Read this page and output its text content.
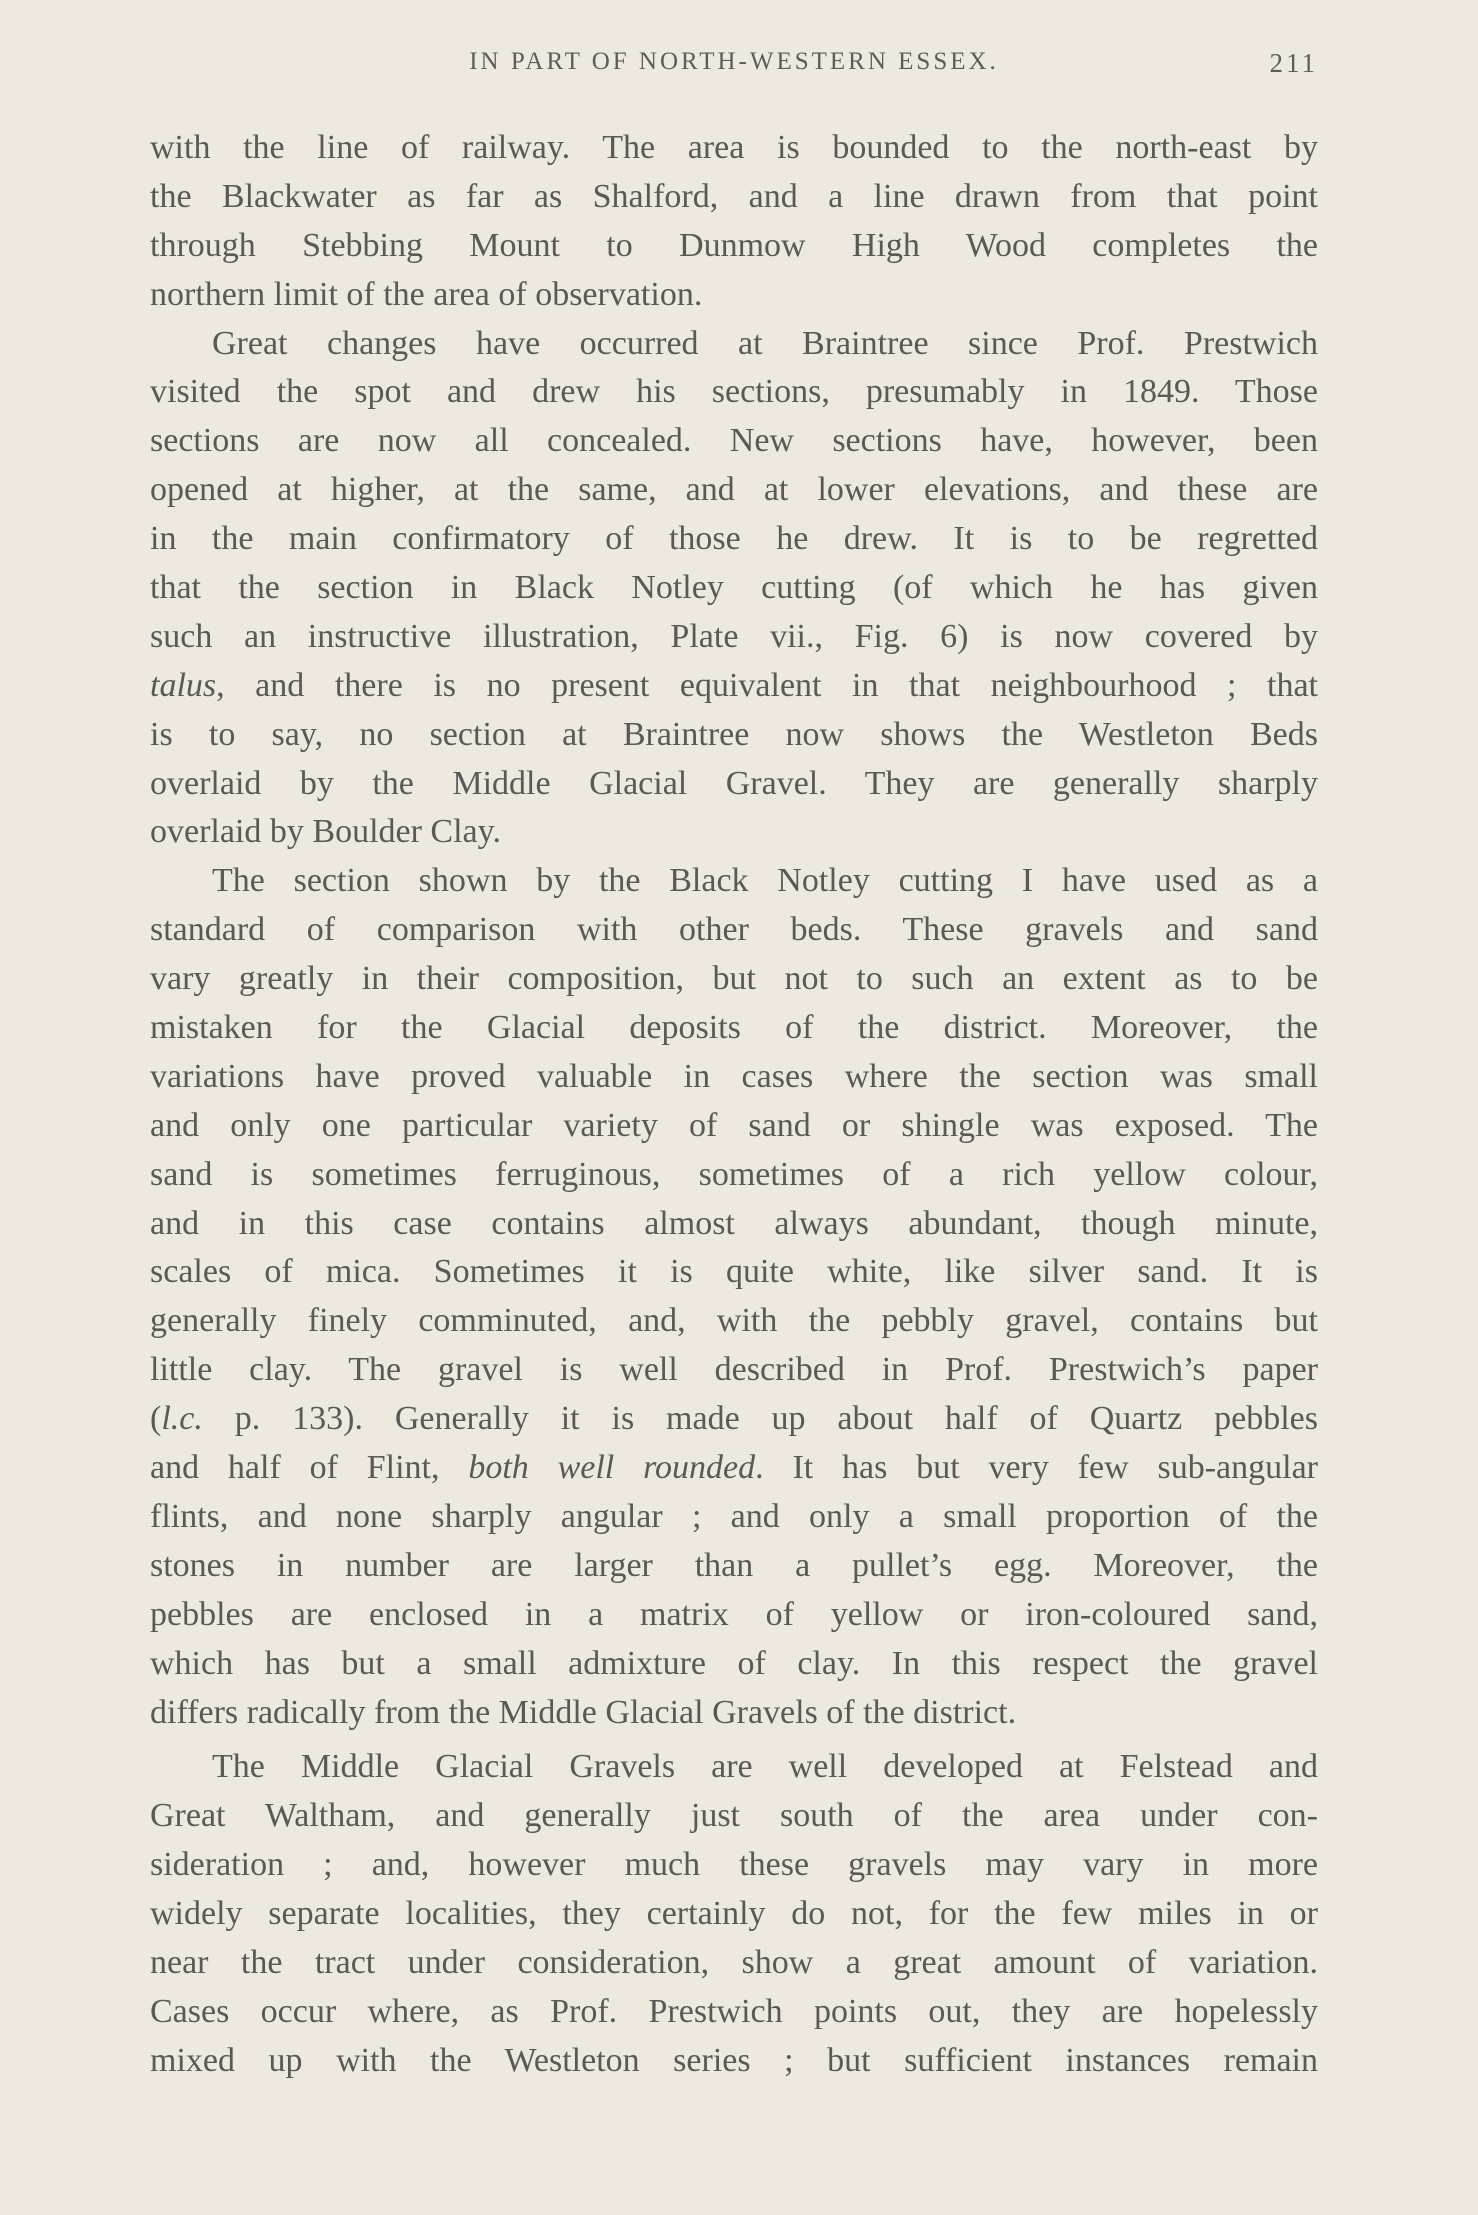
IN PART OF NORTH-WESTERN ESSEX.	211
with the line of railway. The area is bounded to the north-east by
the Blackwater as far as Shalford, and a line drawn from that point
through Stebbing Mount to Dunmow High Wood completes the
northern limit of the area of observation.
Great changes have occurred at Braintree since Prof. Prestwich
visited the spot and drew his sections, presumably in 1849. Those
sections are now all concealed. New sections have, however, been
opened at higher, at the same, and at lower elevations, and these are
in the main confirmatory of those he drew. It is to be regretted
that the section in Black Notley cutting (of which he has given
such an instructive illustration, Plate vii., Fig. 6) is now covered by
talus, and there is no present equivalent in that neighbourhood ; that
is to say, no section at Braintree now shows the Westleton Beds
overlaid by the Middle Glacial Gravel. They are generally sharply
overlaid by Boulder Clay.
The section shown by the Black Notley cutting I have used as a
standard of comparison with other beds. These gravels and sand
vary greatly in their composition, but not to such an extent as to be
mistaken for the Glacial deposits of the district. Moreover, the
variations have proved valuable in cases where the section was small
and only one particular variety of sand or shingle was exposed. The
sand is sometimes ferruginous, sometimes of a rich yellow colour,
and in this case contains almost always abundant, though minute,
scales of mica. Sometimes it is quite white, like silver sand. It is
generally finely comminuted, and, with the pebbly gravel, contains but
little clay. The gravel is well described in Prof. Prestwich’s paper
(l.c. p. 133). Generally it is made up about half of Quartz pebbles
and half of Flint, both well rounded. It has but very few sub-angular
flints, and none sharply angular ; and only a small proportion of the
stones in number are larger than a pullet’s egg. Moreover, the
pebbles are enclosed in a matrix of yellow or iron-coloured sand,
which has but a small admixture of clay. In this respect the gravel
differs radically from the Middle Glacial Gravels of the district.
The Middle Glacial Gravels are well developed at Felstead and
Great Waltham, and generally just south of the area under con-
sideration ; and, however much these gravels may vary in more
widely separate localities, they certainly do not, for the few miles in or
near the tract under consideration, show a great amount of variation.
Cases occur where, as Prof. Prestwich points out, they are hopelessly
mixed up with the Westleton series ; but sufficient instances remain
